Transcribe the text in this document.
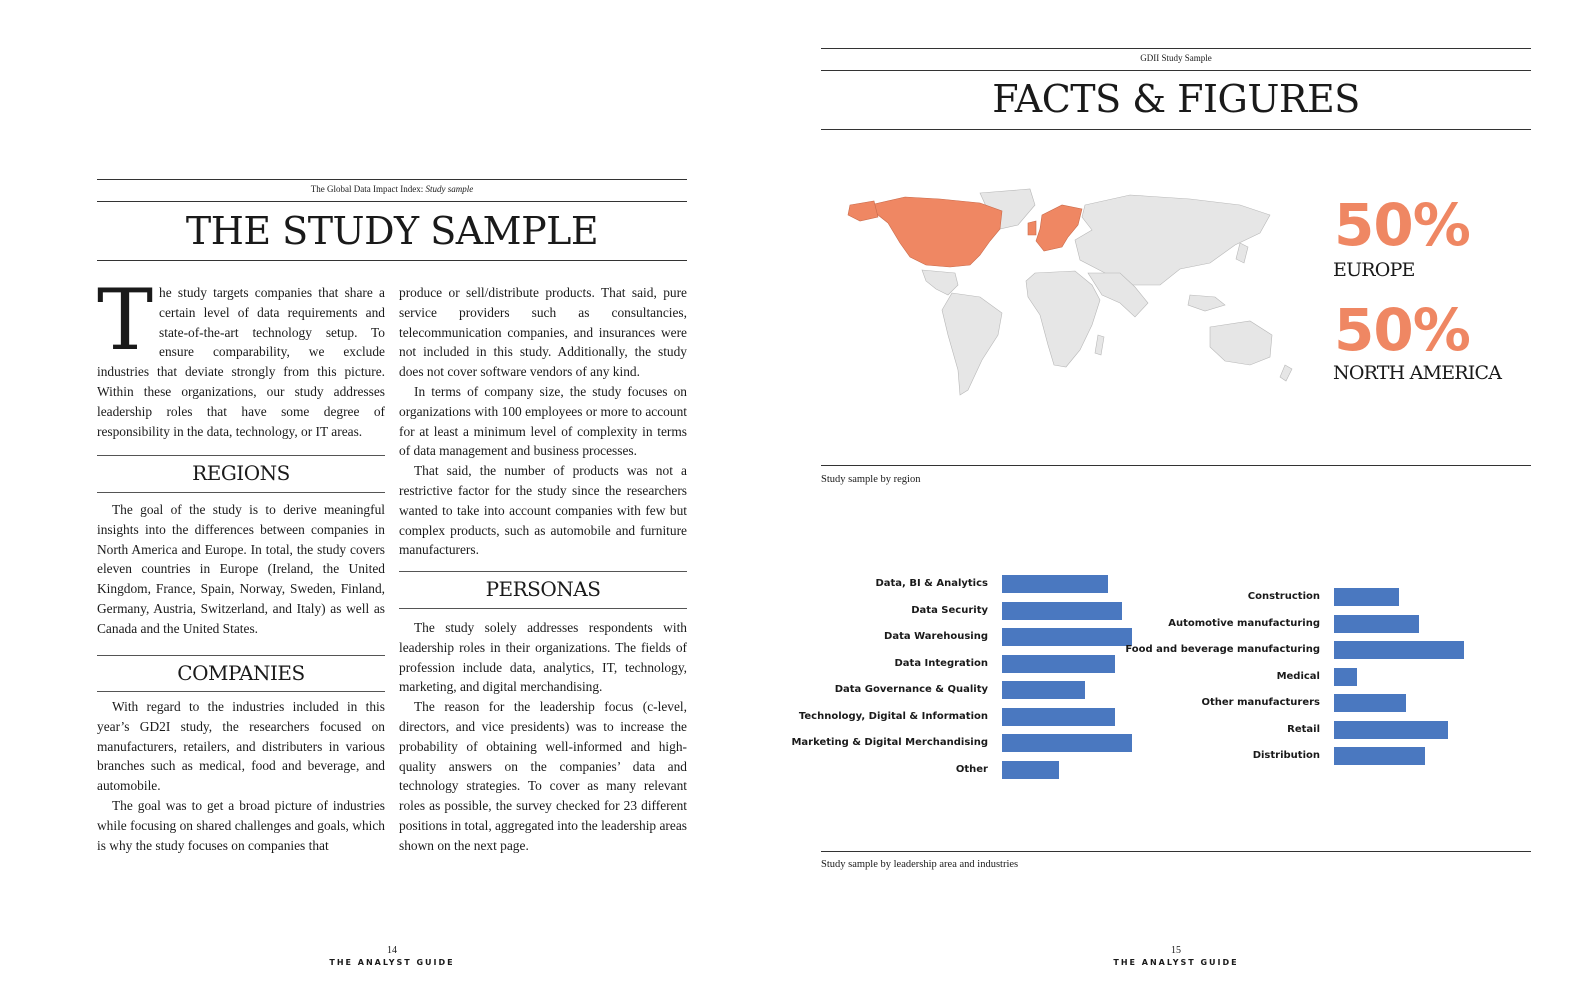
The Global Data Impact Index: Study sample
THE STUDY SAMPLE

T he study targets companies that share a certain level of data requirements and state-of-the-art technology setup. To ensure comparability, we exclude industries that deviate strongly from this picture. Within these organizations, our study addresses leadership roles that have some degree of responsibility in the data, technology, or IT areas.

REGIONS

The goal of the study is to derive meaningful insights into the differences between companies in North America and Europe. In total, the study covers eleven countries in Europe (Ireland, the United Kingdom, France, Spain, Norway, Sweden, Finland, Germany, Austria, Switzerland, and Italy) as well as Canada and the United States.

COMPANIES

With regard to the industries included in this year’s GD2I study, the researchers focused on manufacturers, retailers, and distributers in various branches such as medical, food and beverage, and automobile.

The goal was to get a broad picture of industries while focusing on shared challenges and goals, which is why the study focuses on companies that

produce or sell/distribute products. That said, pure service providers such as consultancies, telecommunication companies, and insurances were not included in this study. Additionally, the study does not cover software vendors of any kind.

In terms of company size, the study focuses on organizations with 100 employees or more to account for at least a minimum level of complexity in terms of data management and business processes.

That said, the number of products was not a restrictive factor for the study since the researchers wanted to take into account companies with few but complex products, such as automobile and furniture manufacturers.

PERSONAS

The study solely addresses respondents with leadership roles in their organizations. The fields of profession include data, analytics, IT, technology, marketing, and digital merchandising.

The reason for the leadership focus (c-level, directors, and vice presidents) was to increase the probability of obtaining well-informed and high-quality answers on the companies’ data and technology strategies. To cover as many relevant roles as possible, the survey checked for 23 different positions in total, aggregated into the leadership areas shown on the next page.

14
THE ANALYST GUIDE
GDII Study Sample
FACTS & FIGURES
50%
EUROPE
50%
NORTH AMERICA
Study sample by region
Study sample by leadership area and industries
15
THE ANALYST GUIDE
Data, BI & Analytics
Data Security
Data Warehousing
Data Integration
Data Governance & Quality
Technology, Digital & Information
Marketing & Digital Merchandising
Other
Construction
Automotive manufacturing
Food and beverage manufacturing
Medical
Other manufacturers
Retail
Distribution
